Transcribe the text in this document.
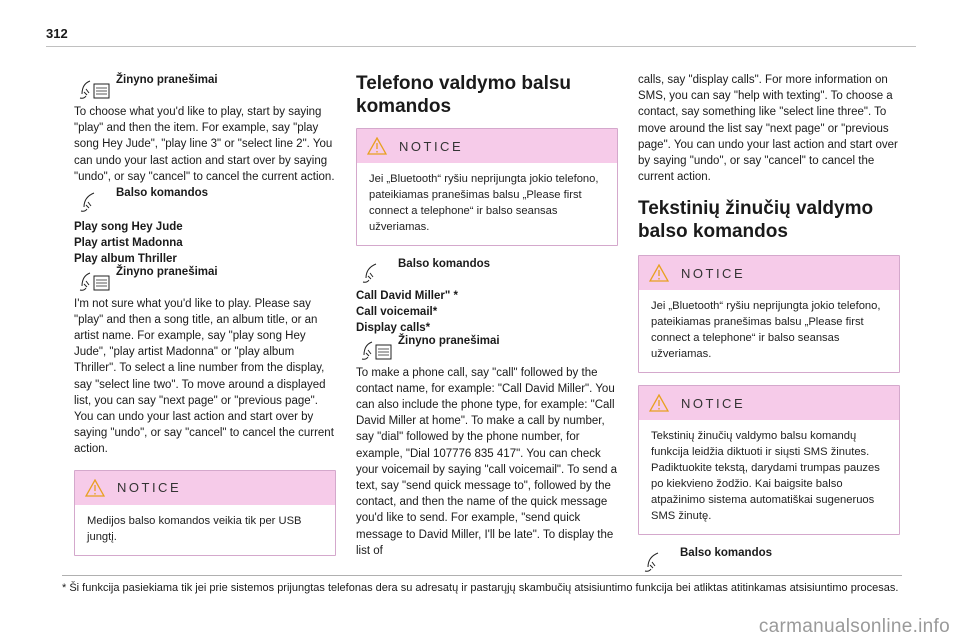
312
Žinyno pranešimai

To choose what you'd like to play, start by saying "play" and then the item. For example, say "play song Hey Jude", "play line 3" or "select line 2". You can undo your last action and start over by saying "undo", or say "cancel" to cancel the current action.

Balso komandos

Play song Hey Jude

Play artist Madonna

Play album Thriller

Žinyno pranešimai

I'm not sure what you'd like to play. Please say "play" and then a song title, an album title, or an artist name. For example, say "play song Hey Jude", "play artist Madonna" or "play album Thriller". To select a line number from the display, say "select line two". To move around a displayed list, you can say "next page" or "previous page". You can undo your last action and start over by saying "undo", or say "cancel" to cancel the current action.

NOTICE
Medijos balso komandos veikia tik per USB jungtį.
Telefono valdymo balsu komandos
NOTICE
Jei „Bluetooth“ ryšiu neprijungta jokio telefono, pateikiamas pranešimas balsu „Please first connect a telephone“ ir balso seansas užveriamas.
Balso komandos

Call David Miller" *

Call voicemail*

Display calls*

Žinyno pranešimai

To make a phone call, say "call" followed by the contact name, for example: "Call David Miller". You can also include the phone type, for example: "Call David Miller at home". To make a call by number, say "dial" followed by the phone number, for example, "Dial 107776 835 417". You can check your voicemail by saying "call voicemail". To send a text, say "send quick message to", followed by the contact, and then the name of the quick message you'd like to send. For example, "send quick message to David Miller, I'll be late". To display the list of

calls, say "display calls". For more information on SMS, you can say "help with texting". To choose a contact, say something like "select line three". To move around the list say "next page" or "previous page". You can undo your last action and start over by saying "undo", or say "cancel" to cancel the current action.

Tekstinių žinučių valdymo balso komandos
NOTICE
Jei „Bluetooth“ ryšiu neprijungta jokio telefono, pateikiamas pranešimas balsu „Please first connect a telephone“ ir balso seansas užveriamas.
NOTICE
Tekstinių žinučių valdymo balsu komandų funkcija leidžia diktuoti ir siųsti SMS žinutes. Padiktuokite tekstą, darydami trumpas pauzes po kiekvieno žodžio. Kai baigsite balso atpažinimo sistema automatiškai sugeneruos SMS žinutę.
Balso komandos
* Ši funkcija pasiekiama tik jei prie sistemos prijungtas telefonas dera su adresatų ir pastarųjų skambučių atsisiuntimo funkcija bei atliktas atitinkamas atsisiuntimo procesas.
carmanualsonline.info
